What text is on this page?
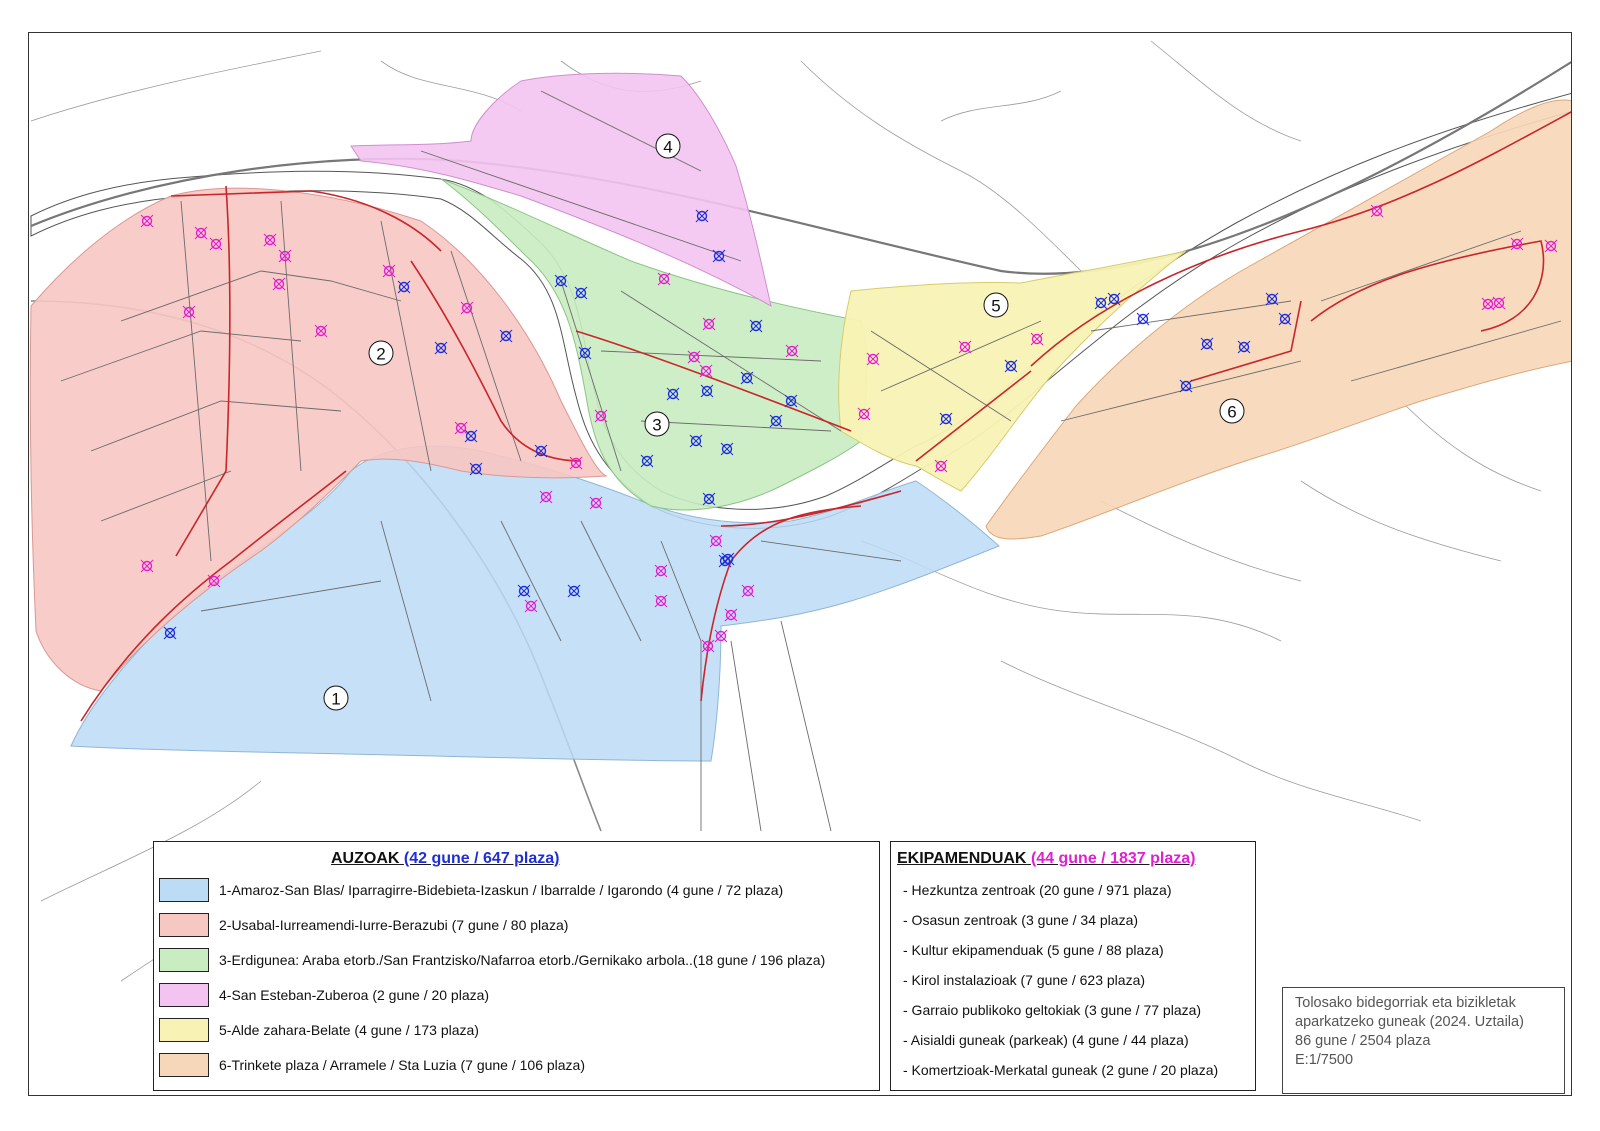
1
2
3
4
5
6
AUZOAK (42 gune / 647 plaza)
1-Amaroz-San Blas/ Iparragirre-Bidebieta-Izaskun / Ibarralde / Igarondo (4 gune / 72 plaza)
2-Usabal-Iurreamendi-Iurre-Berazubi (7 gune / 80 plaza)
3-Erdigunea: Araba etorb./San Frantzisko/Nafarroa etorb./Gernikako arbola..(18 gune / 196 plaza)
4-San Esteban-Zuberoa (2 gune / 20 plaza)
5-Alde zahara-Belate (4 gune / 173 plaza)
6-Trinkete plaza / Arramele / Sta Luzia (7 gune / 106 plaza)
EKIPAMENDUAK (44 gune / 1837 plaza)
- Hezkuntza zentroak (20 gune / 971 plaza)
- Osasun zentroak (3 gune / 34 plaza)
- Kultur ekipamenduak (5 gune / 88 plaza)
- Kirol instalazioak (7 gune / 623 plaza)
- Garraio publikoko geltokiak (3 gune / 77 plaza)
- Aisialdi guneak (parkeak) (4 gune / 44 plaza)
- Komertzioak-Merkatal guneak (2 gune / 20 plaza)
Tolosako bidegorriak eta bizikletak
aparkatzeko guneak (2024. Uztaila)
86 gune / 2504 plaza
E:1/7500
